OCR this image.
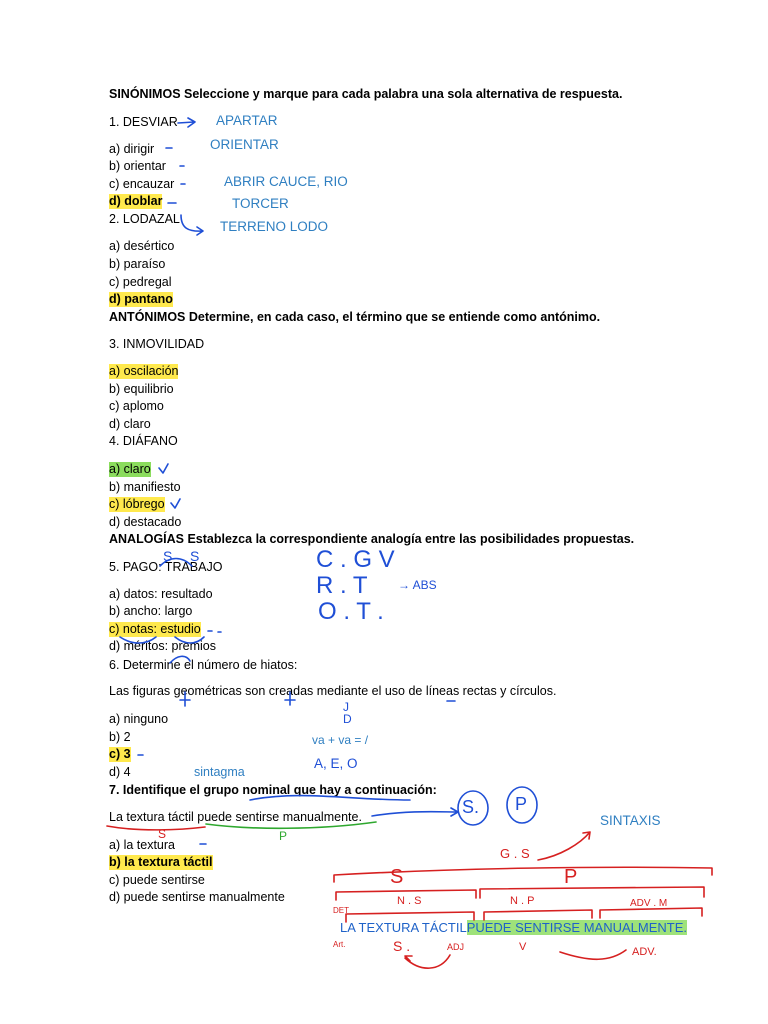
SINÓNIMOS Seleccione y marque para cada palabra una sola alternativa de respuesta.
1. DESVIAR
a) dirigir
b) orientar
c) encauzar
d) doblar
2. LODAZAL
a) desértico
b) paraíso
c) pedregal
d) pantano
ANTÓNIMOS Determine, en cada caso, el término que se entiende como antónimo.
3. INMOVILIDAD
a) oscilación
b) equilibrio
c) aplomo
d) claro
4. DIÁFANO
a) claro
b) manifiesto
c) lóbrego
d) destacado
ANALOGÍAS Establezca la correspondiente analogía entre las posibilidades propuestas.
5. PAGO: TRABAJO
a) datos: resultado
b) ancho: largo
c) notas: estudio
d) méritos: premios
6. Determine el número de hiatos:
Las figuras geométricas son creadas mediante el uso de líneas rectas y círculos.
a) ninguno
b) 2
c) 3
d) 4
7. Identifique el grupo nominal que hay a continuación:
La textura táctil puede sentirse manualmente.
a) la textura
b) la textura táctil
c) puede sentirse
d) puede sentirse manualmente
APARTAR
ORIENTAR
ABRIR CAUCE, RIO
TORCER
TERRENO LODO
va + va = /
A, E, O
sintagma
SINTAXIS
C . G V
R . T	→ ABS
O . T .
S S
J
D
S	P
S. P
G . S
S	P
N . S	N . P	ADV . M
DET
Art.	S .	ADJ	V	ADV.
LA TEXTURA TÁCTILPUEDE SENTIRSE MANUALMENTE.
